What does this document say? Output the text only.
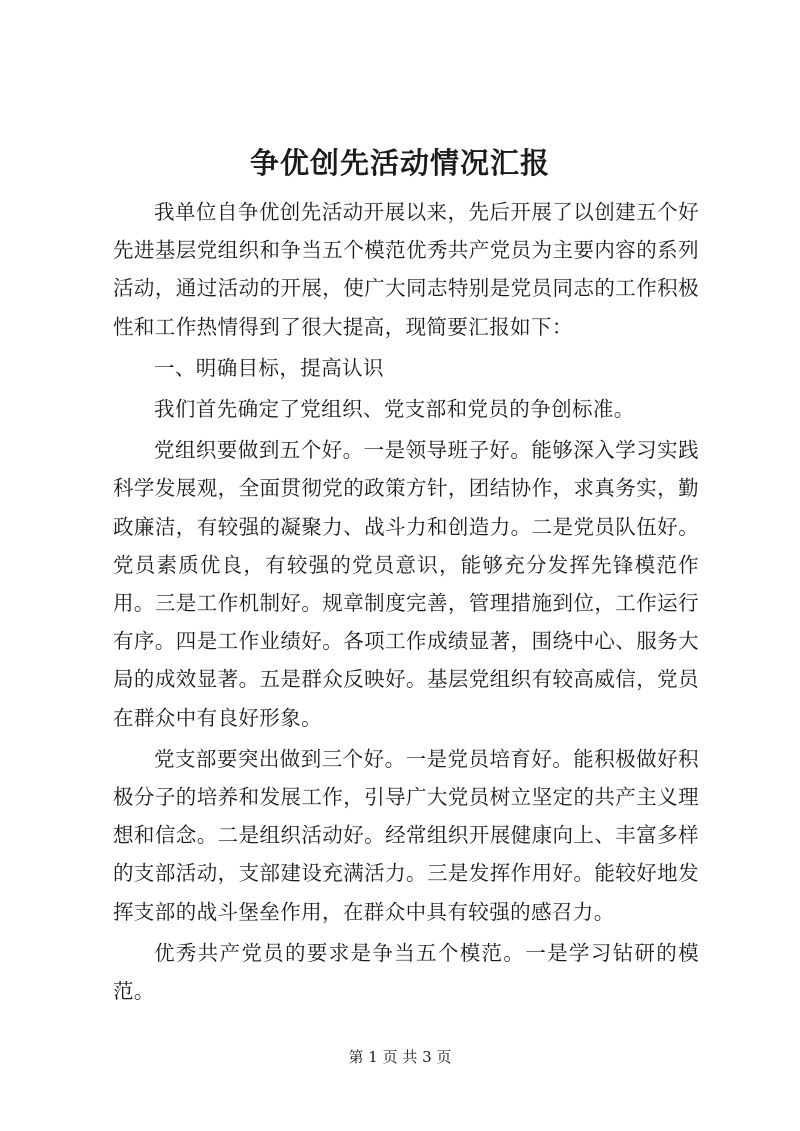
争优创先活动情况汇报

我单位自争优创先活动开展以来，先后开展了以创建五个好先进基层党组织和争当五个模范优秀共产党员为主要内容的系列活动，通过活动的开展，使广大同志特别是党员同志的工作积极性和工作热情得到了很大提高，现简要汇报如下：

一、明确目标，提高认识

我们首先确定了党组织、党支部和党员的争创标准。

党组织要做到五个好。一是领导班子好。能够深入学习实践科学发展观，全面贯彻党的政策方针，团结协作，求真务实，勤政廉洁，有较强的凝聚力、战斗力和创造力。二是党员队伍好。党员素质优良，有较强的党员意识，能够充分发挥先锋模范作用。三是工作机制好。规章制度完善，管理措施到位，工作运行有序。四是工作业绩好。各项工作成绩显著，围绕中心、服务大局的成效显著。五是群众反映好。基层党组织有较高威信，党员在群众中有良好形象。

党支部要突出做到三个好。一是党员培育好。能积极做好积极分子的培养和发展工作，引导广大党员树立坚定的共产主义理想和信念。二是组织活动好。经常组织开展健康向上、丰富多样的支部活动，支部建设充满活力。三是发挥作用好。能较好地发挥支部的战斗堡垒作用，在群众中具有较强的感召力。

优秀共产党员的要求是争当五个模范。一是学习钻研的模范。

第 1 页 共 3 页
